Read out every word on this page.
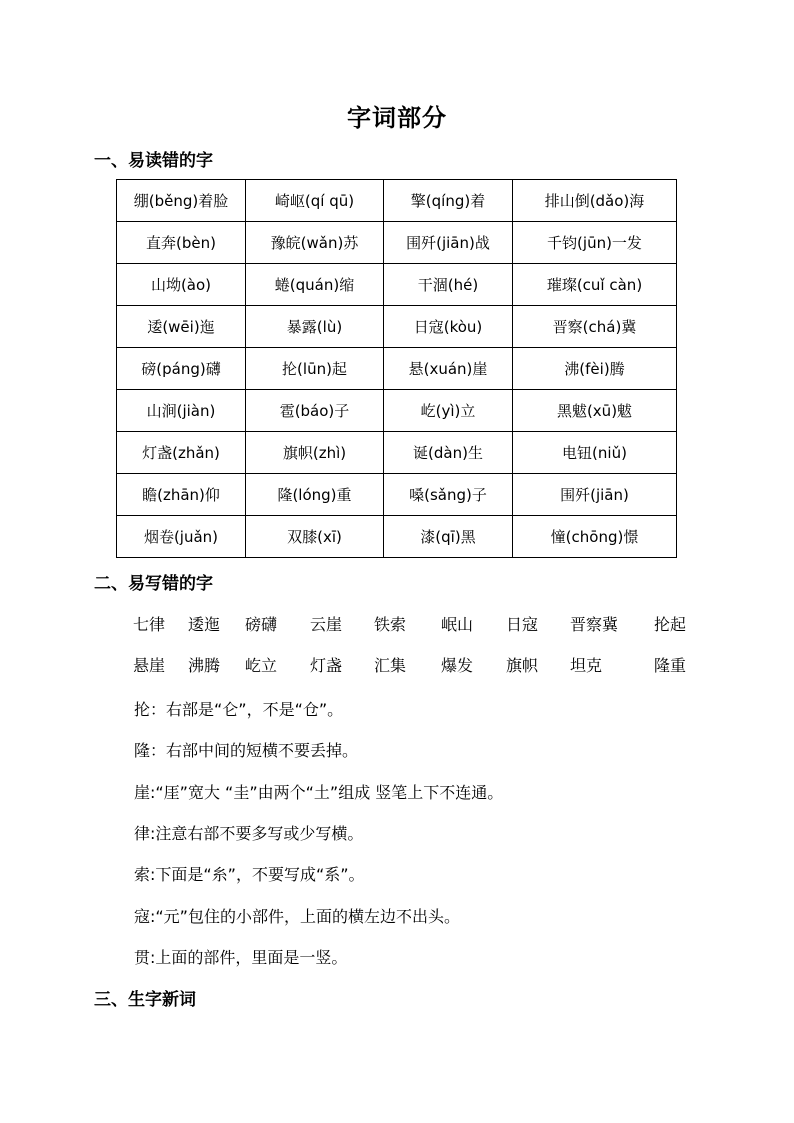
字词部分
一、易读错的字
绷(běng)着脸	崎岖(qí qū)	擎(qíng)着	排山倒(dǎo)海
直奔(bèn)	豫皖(wǎn)苏	围歼(jiān)战	千钧(jūn)一发
山坳(ào)	蜷(quán)缩	干涸(hé)	璀璨(cuǐ càn)
逶(wēi)迤	暴露(lù)	日寇(kòu)	晋察(chá)冀
磅(páng)礴	抡(lūn)起	悬(xuán)崖	沸(fèi)腾
山涧(jiàn)	雹(báo)子	屹(yì)立	黑魃(xū)魃
灯盏(zhǎn)	旗帜(zhì)	诞(dàn)生	电钮(niǔ)
瞻(zhān)仰	隆(lóng)重	嗓(sǎng)子	围歼(jiān)
烟卷(juǎn)	双膝(xī)	漆(qī)黑	憧(chōng)憬
二、易写错的字
七律 逶迤 磅礴 云崖 铁索 岷山 日寇 晋察冀 抡起
悬崖 沸腾 屹立 灯盏 汇集 爆发 旗帜 坦克	隆重
抡：右部是“仑”，不是“仓”。
隆：右部中间的短横不要丢掉。
崖:“厓”宽大 “圭”由两个“土”组成 竖笔上下不连通。
律:注意右部不要多写或少写横。
索:下面是“糸”，不要写成“系”。
寇:“元”包住的小部件，上面的横左边不出头。
贯:上面的部件，里面是一竖。
三、生字新词
